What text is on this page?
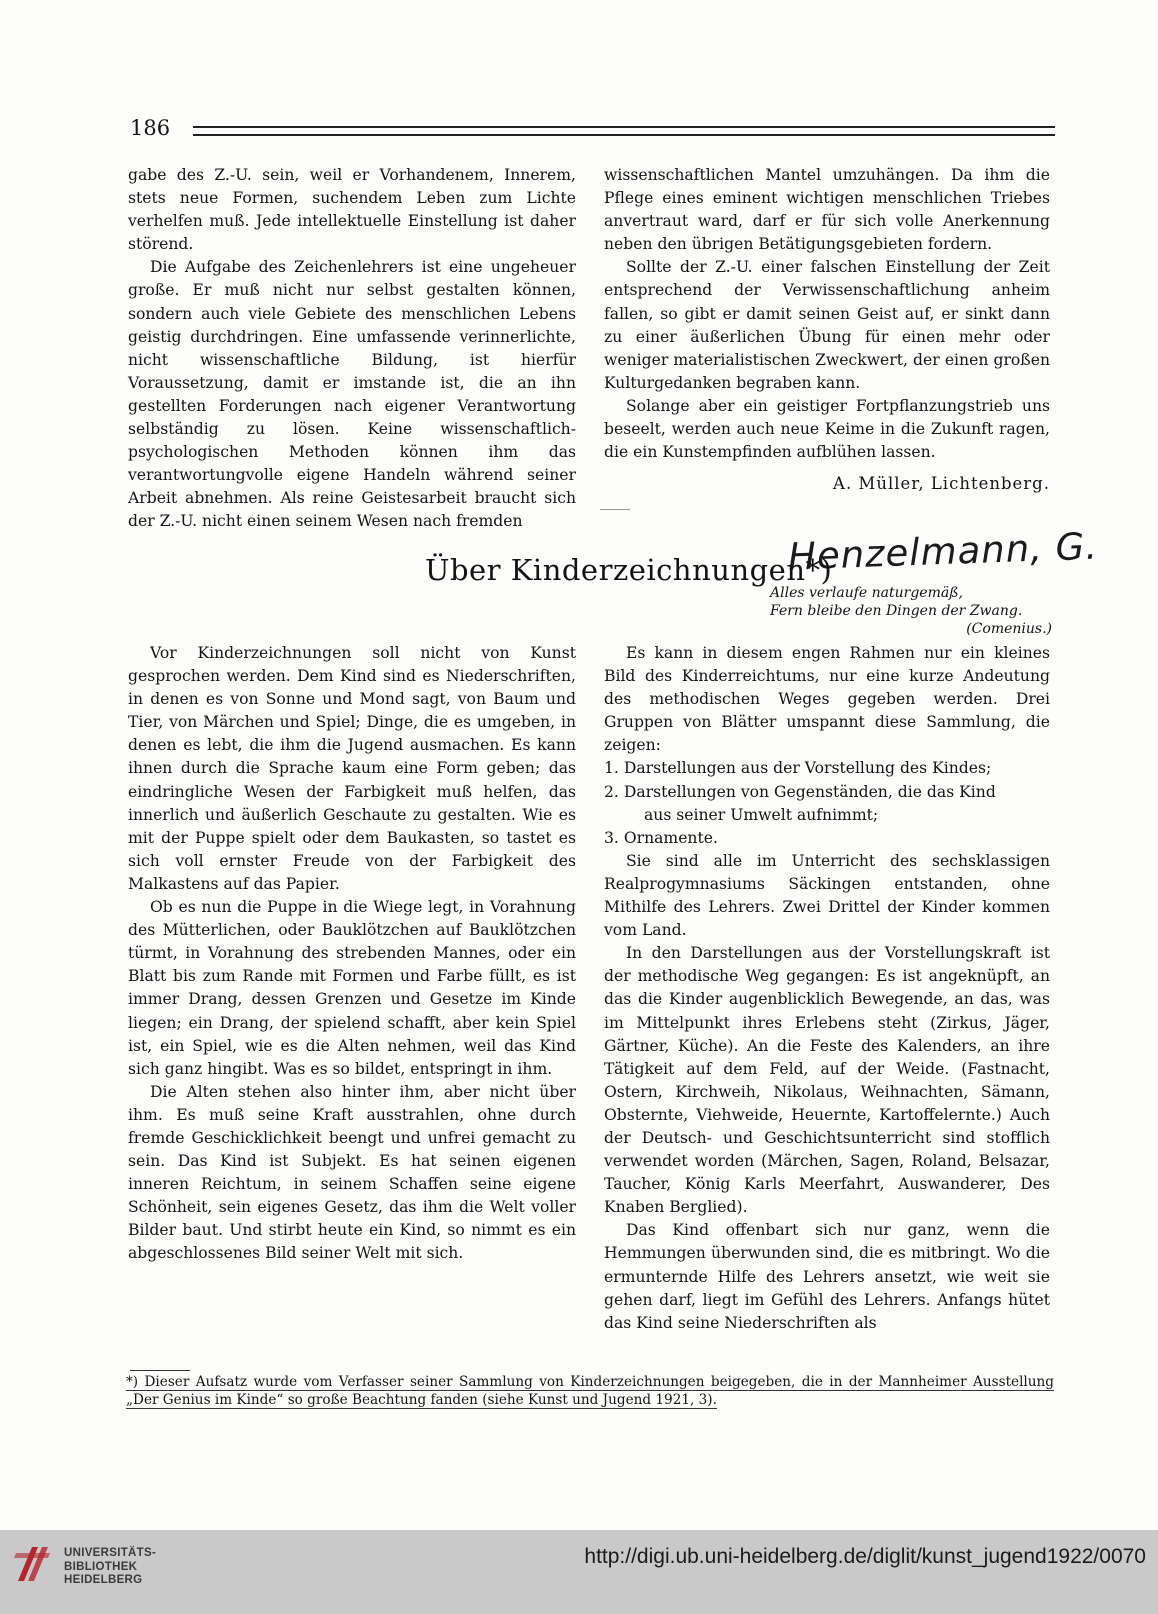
186

gabe des Z.-U. sein, weil er Vorhandenem, Innerem, stets neue Formen, suchendem Leben zum Lichte verhelfen muß. Jede intellektuelle Einstellung ist daher störend.

Die Aufgabe des Zeichenlehrers ist eine ungeheuer große. Er muß nicht nur selbst gestalten können, sondern auch viele Gebiete des menschlichen Lebens geistig durchdringen. Eine umfassende verinnerlichte, nicht wissenschaftliche Bildung, ist hierfür Voraussetzung, damit er imstande ist, die an ihn gestellten Forderungen nach eigener Verantwortung selbständig zu lösen. Keine wissenschaftlich-psychologischen Methoden können ihm das verantwortungvolle eigene Handeln während seiner Arbeit abnehmen. Als reine Geistesarbeit braucht sich der Z.-U. nicht einen seinem Wesen nach fremden

wissenschaftlichen Mantel umzuhängen. Da ihm die Pflege eines eminent wichtigen menschlichen Triebes anvertraut ward, darf er für sich volle Anerkennung neben den übrigen Betätigungsgebieten fordern.

Sollte der Z.-U. einer falschen Einstellung der Zeit entsprechend der Verwissenschaftlichung anheim fallen, so gibt er damit seinen Geist auf, er sinkt dann zu einer äußerlichen Übung für einen mehr oder weniger materialistischen Zweckwert, der einen großen Kulturgedanken begraben kann.

Solange aber ein geistiger Fortpflanzungstrieb uns beseelt, werden auch neue Keime in die Zukunft ragen, die ein Kunstempfinden aufblühen lassen.

A. Müller, Lichtenberg.

Henzelmann, G.
Über Kinderzeichnungen*)
Alles verlaufe naturgemäß,
Fern bleibe den Dingen der Zwang.
(Comenius.)

Vor Kinderzeichnungen soll nicht von Kunst gesprochen werden. Dem Kind sind es Niederschriften, in denen es von Sonne und Mond sagt, von Baum und Tier, von Märchen und Spiel; Dinge, die es umgeben, in denen es lebt, die ihm die Jugend ausmachen. Es kann ihnen durch die Sprache kaum eine Form geben; das eindringliche Wesen der Farbigkeit muß helfen, das innerlich und äußerlich Geschaute zu gestalten. Wie es mit der Puppe spielt oder dem Baukasten, so tastet es sich voll ernster Freude von der Farbigkeit des Malkastens auf das Papier.

Ob es nun die Puppe in die Wiege legt, in Vorahnung des Mütterlichen, oder Bauklötzchen auf Bauklötzchen türmt, in Vorahnung des strebenden Mannes, oder ein Blatt bis zum Rande mit Formen und Farbe füllt, es ist immer Drang, dessen Grenzen und Gesetze im Kinde liegen; ein Drang, der spielend schafft, aber kein Spiel ist, ein Spiel, wie es die Alten nehmen, weil das Kind sich ganz hingibt. Was es so bildet, entspringt in ihm.

Die Alten stehen also hinter ihm, aber nicht über ihm. Es muß seine Kraft ausstrahlen, ohne durch fremde Geschicklichkeit beengt und unfrei gemacht zu sein. Das Kind ist Subjekt. Es hat seinen eigenen inneren Reichtum, in seinem Schaffen seine eigene Schönheit, sein eigenes Gesetz, das ihm die Welt voller Bilder baut. Und stirbt heute ein Kind, so nimmt es ein abgeschlossenes Bild seiner Welt mit sich.

Es kann in diesem engen Rahmen nur ein kleines Bild des Kinderreichtums, nur eine kurze Andeutung des methodischen Weges gegeben werden. Drei Gruppen von Blätter umspannt diese Sammlung, die zeigen:

1. Darstellungen aus der Vorstellung des Kindes;
2. Darstellungen von Gegenständen, die das Kind
aus seiner Umwelt aufnimmt;
3. Ornamente.

Sie sind alle im Unterricht des sechsklassigen Realprogymnasiums Säckingen entstanden, ohne Mithilfe des Lehrers. Zwei Drittel der Kinder kommen vom Land.

In den Darstellungen aus der Vorstellungskraft ist der methodische Weg gegangen: Es ist angeknüpft, an das die Kinder augenblicklich Bewegende, an das, was im Mittelpunkt ihres Erlebens steht (Zirkus, Jäger, Gärtner, Küche). An die Feste des Kalenders, an ihre Tätigkeit auf dem Feld, auf der Weide. (Fastnacht, Ostern, Kirchweih, Nikolaus, Weihnachten, Sämann, Obsternte, Viehweide, Heuernte, Kartoffelernte.) Auch der Deutsch- und Geschichtsunterricht sind stofflich verwendet worden (Märchen, Sagen, Roland, Belsazar, Taucher, König Karls Meerfahrt, Auswanderer, Des Knaben Berglied).

Das Kind offenbart sich nur ganz, wenn die Hemmungen überwunden sind, die es mitbringt. Wo die ermunternde Hilfe des Lehrers ansetzt, wie weit sie gehen darf, liegt im Gefühl des Lehrers. Anfangs hütet das Kind seine Niederschriften als

*) Dieser Aufsatz wurde vom Verfasser seiner Sammlung von Kinderzeichnungen beigegeben, die in der Mannheimer Ausstellung „Der Genius im Kinde“ so große Beachtung fanden (siehe Kunst und Jugend 1921, 3).
UNIVERSITÄTS-
BIBLIOTHEK
HEIDELBERG
http://digi.ub.uni-heidelberg.de/diglit/kunst_jugend1922/0070
